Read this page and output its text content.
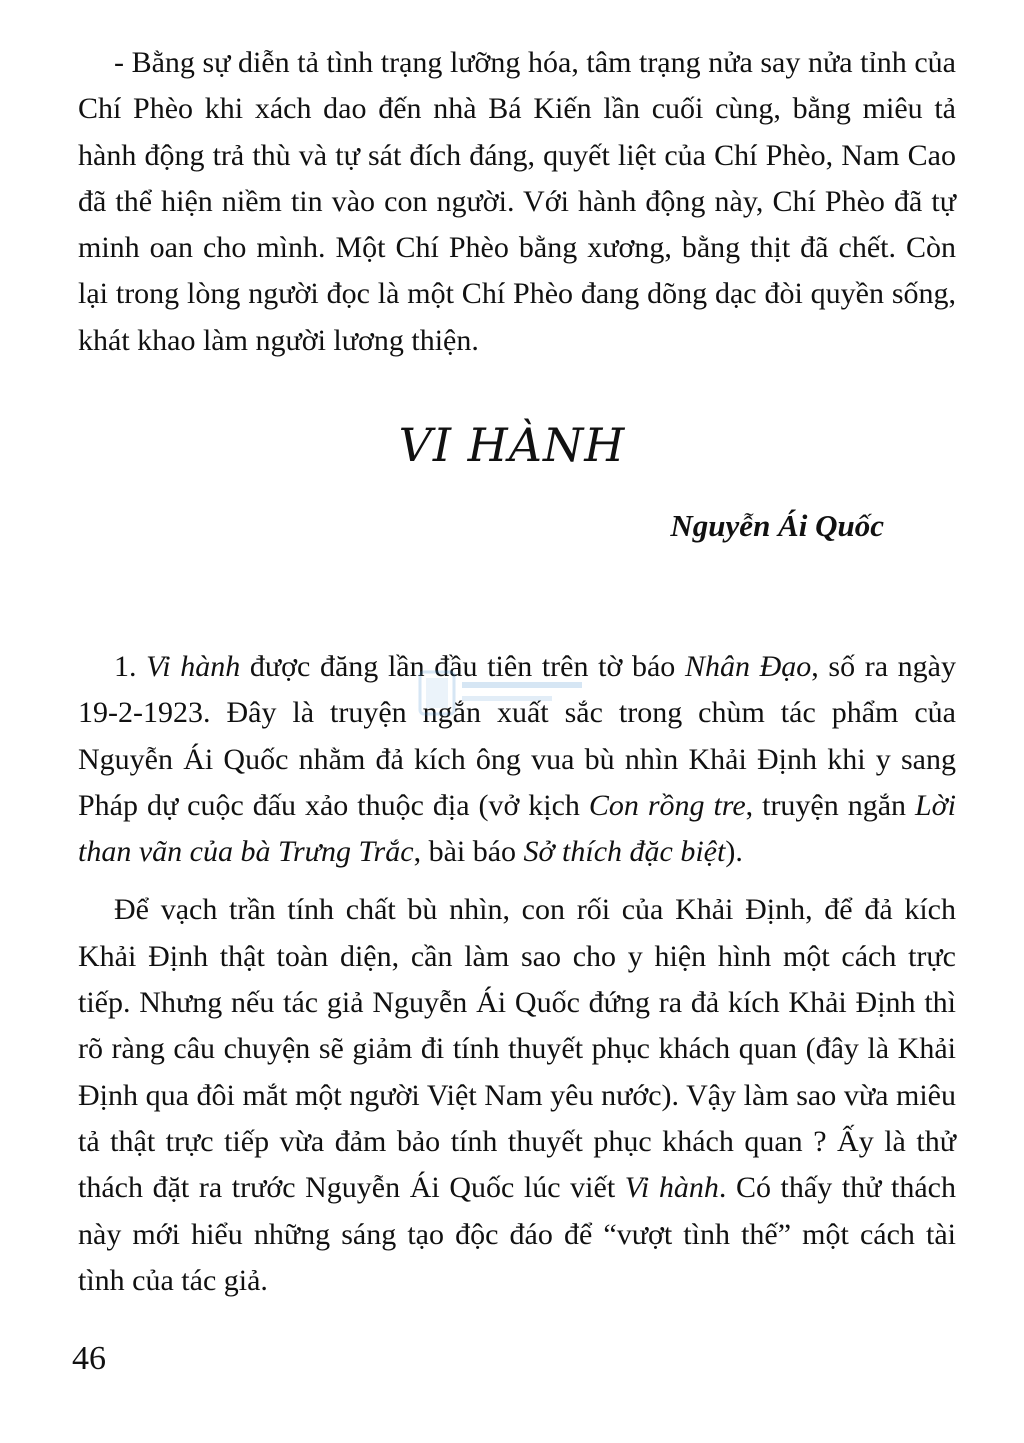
- Bằng sự diễn tả tình trạng lưỡng hóa, tâm trạng nửa say nửa tỉnh của Chí Phèo khi xách dao đến nhà Bá Kiến lần cuối cùng, bằng miêu tả hành động trả thù và tự sát đích đáng, quyết liệt của Chí Phèo, Nam Cao đã thể hiện niềm tin vào con người. Với hành động này, Chí Phèo đã tự minh oan cho mình. Một Chí Phèo bằng xương, bằng thịt đã chết. Còn lại trong lòng người đọc là một Chí Phèo đang dõng dạc đòi quyền sống, khát khao làm người lương thiện.

VI HÀNH
Nguyễn Ái Quốc

1. Vi hành được đăng lần đầu tiên trên tờ báo Nhân Đạo, số ra ngày 19-2-1923. Đây là truyện ngắn xuất sắc trong chùm tác phẩm của Nguyễn Ái Quốc nhằm đả kích ông vua bù nhìn Khải Định khi y sang Pháp dự cuộc đấu xảo thuộc địa (vở kịch Con rồng tre, truyện ngắn Lời than vãn của bà Trưng Trắc, bài báo Sở thích đặc biệt).

Để vạch trần tính chất bù nhìn, con rối của Khải Định, để đả kích Khải Định thật toàn diện, cần làm sao cho y hiện hình một cách trực tiếp. Nhưng nếu tác giả Nguyễn Ái Quốc đứng ra đả kích Khải Định thì rõ ràng câu chuyện sẽ giảm đi tính thuyết phục khách quan (đây là Khải Định qua đôi mắt một người Việt Nam yêu nước). Vậy làm sao vừa miêu tả thật trực tiếp vừa đảm bảo tính thuyết phục khách quan ? Ấy là thử thách đặt ra trước Nguyễn Ái Quốc lúc viết Vi hành. Có thấy thử thách này mới hiểu những sáng tạo độc đáo để “vượt tình thế” một cách tài tình của tác giả.

46
